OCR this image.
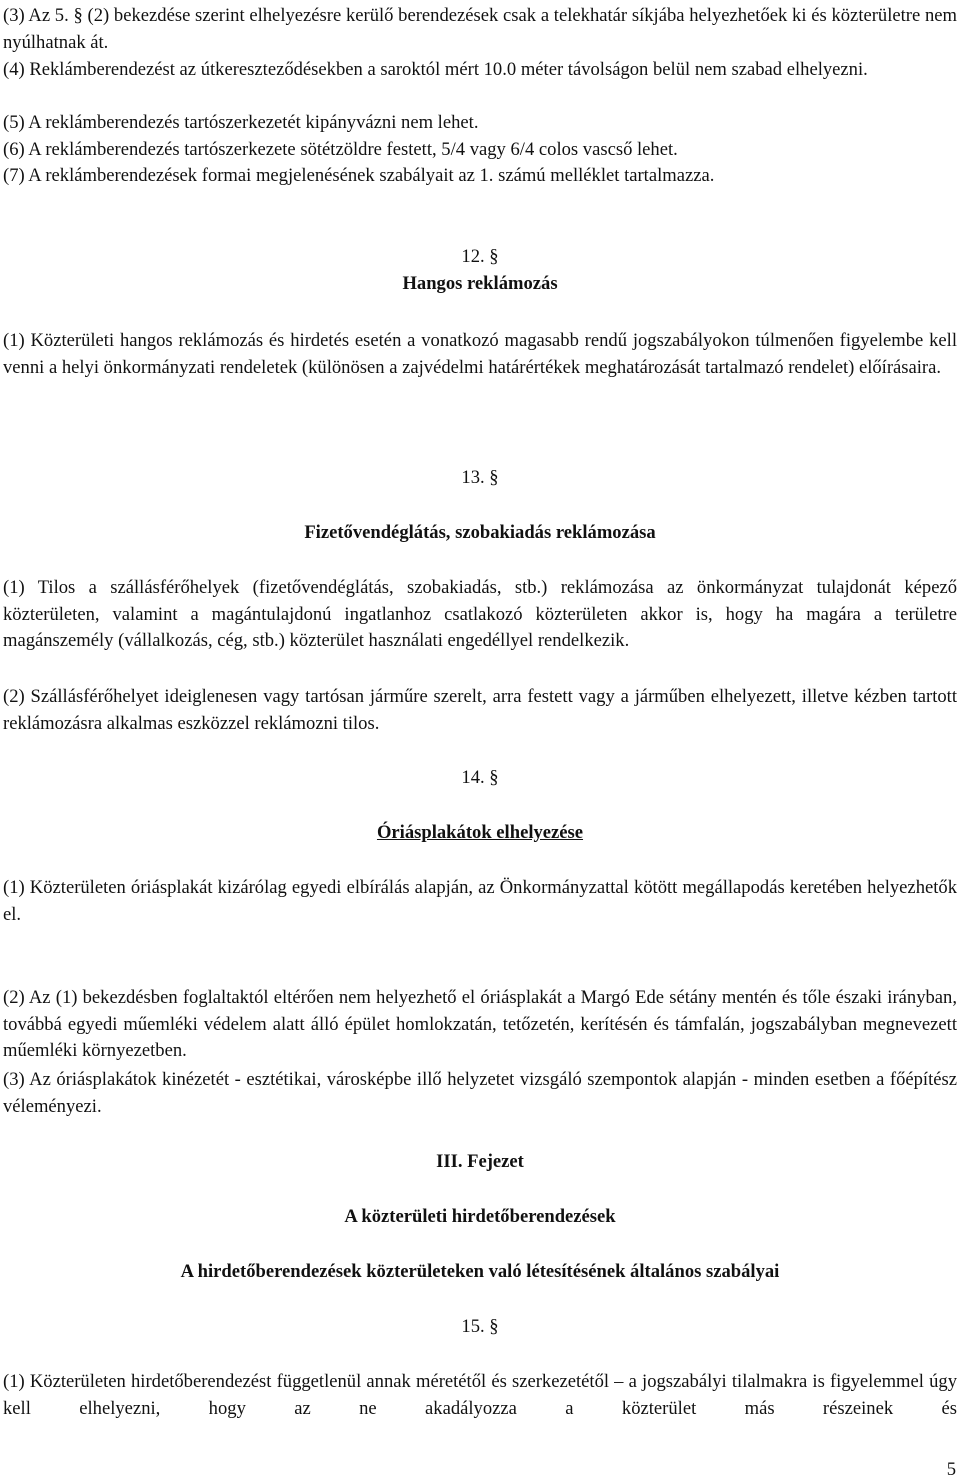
(3) Az 5. § (2) bekezdése szerint elhelyezésre kerülő berendezések csak a telekhatár síkjába helyezhetőek ki és közterületre nem nyúlhatnak át.

(4) Reklámberendezést az útkereszteződésekben a saroktól mért 10.0 méter távolságon belül nem szabad elhelyezni.

(5) A reklámberendezés tartószerkezetét kipányvázni nem lehet.

(6) A reklámberendezés tartószerkezete sötétzöldre festett, 5/4 vagy 6/4 colos vascső lehet.

(7) A reklámberendezések formai megjelenésének szabályait az 1. számú melléklet tartalmazza.

12. §

Hangos reklámozás

(1) Közterületi hangos reklámozás és hirdetés esetén a vonatkozó magasabb rendű jogszabályokon túlmenően figyelembe kell venni a helyi önkormányzati rendeletek (különösen a zajvédelmi határértékek meghatározását tartalmazó rendelet) előírásaira.

13. §

Fizetővendéglátás, szobakiadás reklámozása

(1) Tilos a szállásférőhelyek (fizetővendéglátás, szobakiadás, stb.) reklámozása az önkormányzat tulajdonát képező közterületen, valamint a magántulajdonú ingatlanhoz csatlakozó közterületen akkor is, hogy ha magára a területre magánszemély (vállalkozás, cég, stb.) közterület használati engedéllyel rendelkezik.

(2) Szállásférőhelyet ideiglenesen vagy tartósan járműre szerelt, arra festett vagy a járműben elhelyezett, illetve kézben tartott reklámozásra alkalmas eszközzel reklámozni tilos.

14. §

Óriásplakátok elhelyezése

(1) Közterületen óriásplakát kizárólag egyedi elbírálás alapján, az Önkormányzattal kötött megállapodás keretében helyezhetők el.

(2) Az (1) bekezdésben foglaltaktól eltérően nem helyezhető el óriásplakát a Margó Ede sétány mentén és tőle északi irányban, továbbá egyedi műemléki védelem alatt álló épület homlokzatán, tetőzetén, kerítésén és támfalán, jogszabályban megnevezett műemléki környezetben.

(3) Az óriásplakátok kinézetét - esztétikai, városképbe illő helyzetet vizsgáló szempontok alapján - minden esetben a főépítész véleményezi.

III. Fejezet

A közterületi hirdetőberendezések

A hirdetőberendezések közterületeken való létesítésének általános szabályai

15. §

(1) Közterületen hirdetőberendezést függetlenül annak méretétől és szerkezetétől – a jogszabályi tilalmakra is figyelemmel úgy kell elhelyezni, hogy az ne akadályozza a közterület más részeinek és

5
